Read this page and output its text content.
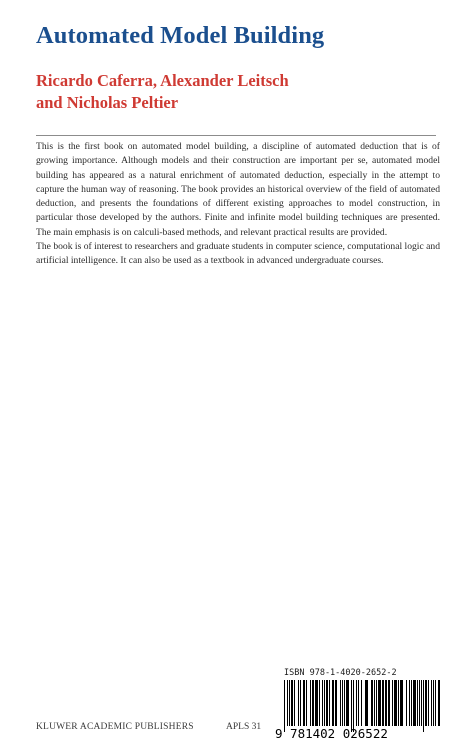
Automated Model Building
Ricardo Caferra, Alexander Leitsch
and Nicholas Peltier

This is the first book on automated model building, a discipline of automated deduction that is of growing importance. Although models and their construction are important per se, automated model building has appeared as a natural enrichment of automated deduction, especially in the attempt to capture the human way of reasoning. The book provides an historical overview of the field of automated deduction, and presents the foundations of different existing approaches to model construction, in particular those developed by the authors. Finite and infinite model building techniques are presented. The main emphasis is on calculi-based methods, and relevant practical results are provided.

The book is of interest to researchers and graduate students in computer science, computational logic and artificial intelligence. It can also be used as a textbook in advanced undergraduate courses.

ISBN 978-1-4020-2652-2
9 781402 026522
KLUWER ACADEMIC PUBLISHERS	APLS 31
